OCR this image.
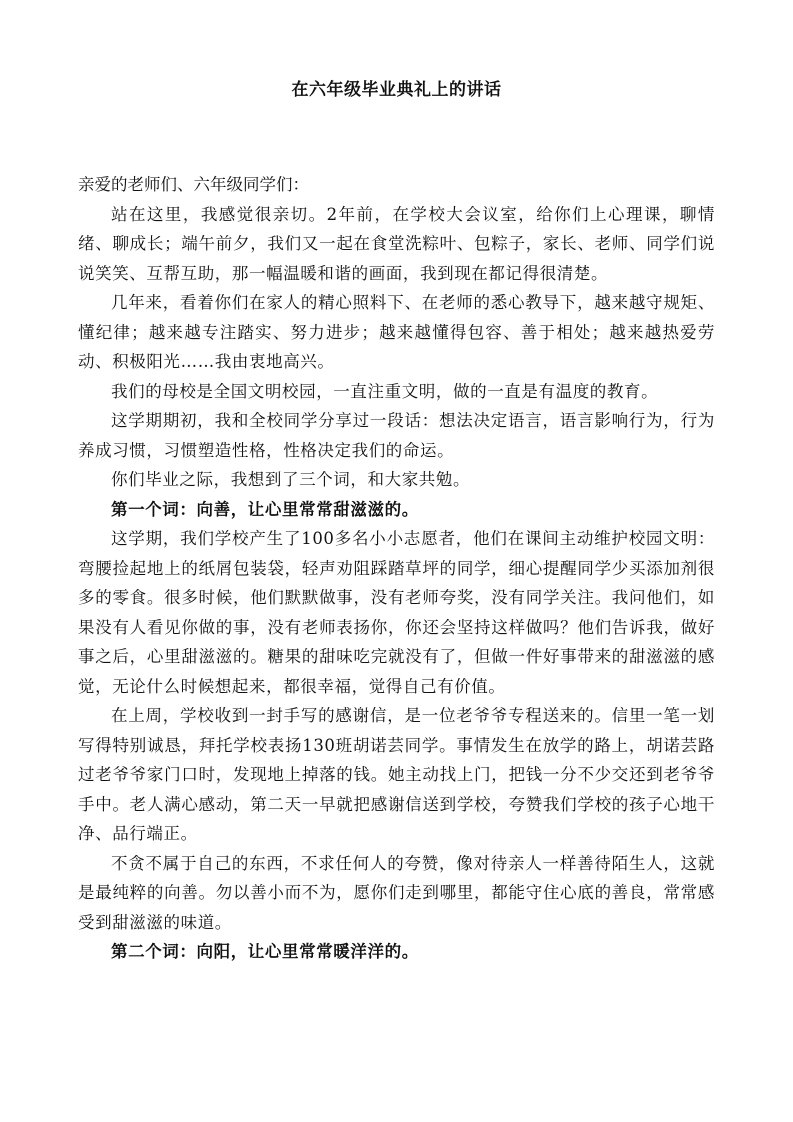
在六年级毕业典礼上的讲话

亲爱的老师们、六年级同学们：

站在这里，我感觉很亲切。2年前，在学校大会议室，给你们上心理课，聊情绪、聊成长；端午前夕，我们又一起在食堂洗粽叶、包粽子，家长、老师、同学们说说笑笑、互帮互助，那一幅温暖和谐的画面，我到现在都记得很清楚。

几年来，看着你们在家人的精心照料下、在老师的悉心教导下，越来越守规矩、懂纪律；越来越专注踏实、努力进步；越来越懂得包容、善于相处；越来越热爱劳动、积极阳光……我由衷地高兴。

我们的母校是全国文明校园，一直注重文明，做的一直是有温度的教育。

这学期期初，我和全校同学分享过一段话：想法决定语言，语言影响行为，行为养成习惯，习惯塑造性格，性格决定我们的命运。

你们毕业之际，我想到了三个词，和大家共勉。

第一个词：向善，让心里常常甜滋滋的。

这学期，我们学校产生了100多名小小志愿者，他们在课间主动维护校园文明：弯腰捡起地上的纸屑包装袋，轻声劝阻踩踏草坪的同学，细心提醒同学少买添加剂很多的零食。很多时候，他们默默做事，没有老师夸奖，没有同学关注。我问他们，如果没有人看见你做的事，没有老师表扬你，你还会坚持这样做吗？他们告诉我，做好事之后，心里甜滋滋的。糖果的甜味吃完就没有了，但做一件好事带来的甜滋滋的感觉，无论什么时候想起来，都很幸福，觉得自己有价值。

在上周，学校收到一封手写的感谢信，是一位老爷爷专程送来的。信里一笔一划写得特别诚恳，拜托学校表扬130班胡诺芸同学。事情发生在放学的路上，胡诺芸路过老爷爷家门口时，发现地上掉落的钱。她主动找上门，把钱一分不少交还到老爷爷手中。老人满心感动，第二天一早就把感谢信送到学校，夸赞我们学校的孩子心地干净、品行端正。

不贪不属于自己的东西，不求任何人的夸赞，像对待亲人一样善待陌生人，这就是最纯粹的向善。勿以善小而不为，愿你们走到哪里，都能守住心底的善良，常常感受到甜滋滋的味道。

第二个词：向阳，让心里常常暖洋洋的。
